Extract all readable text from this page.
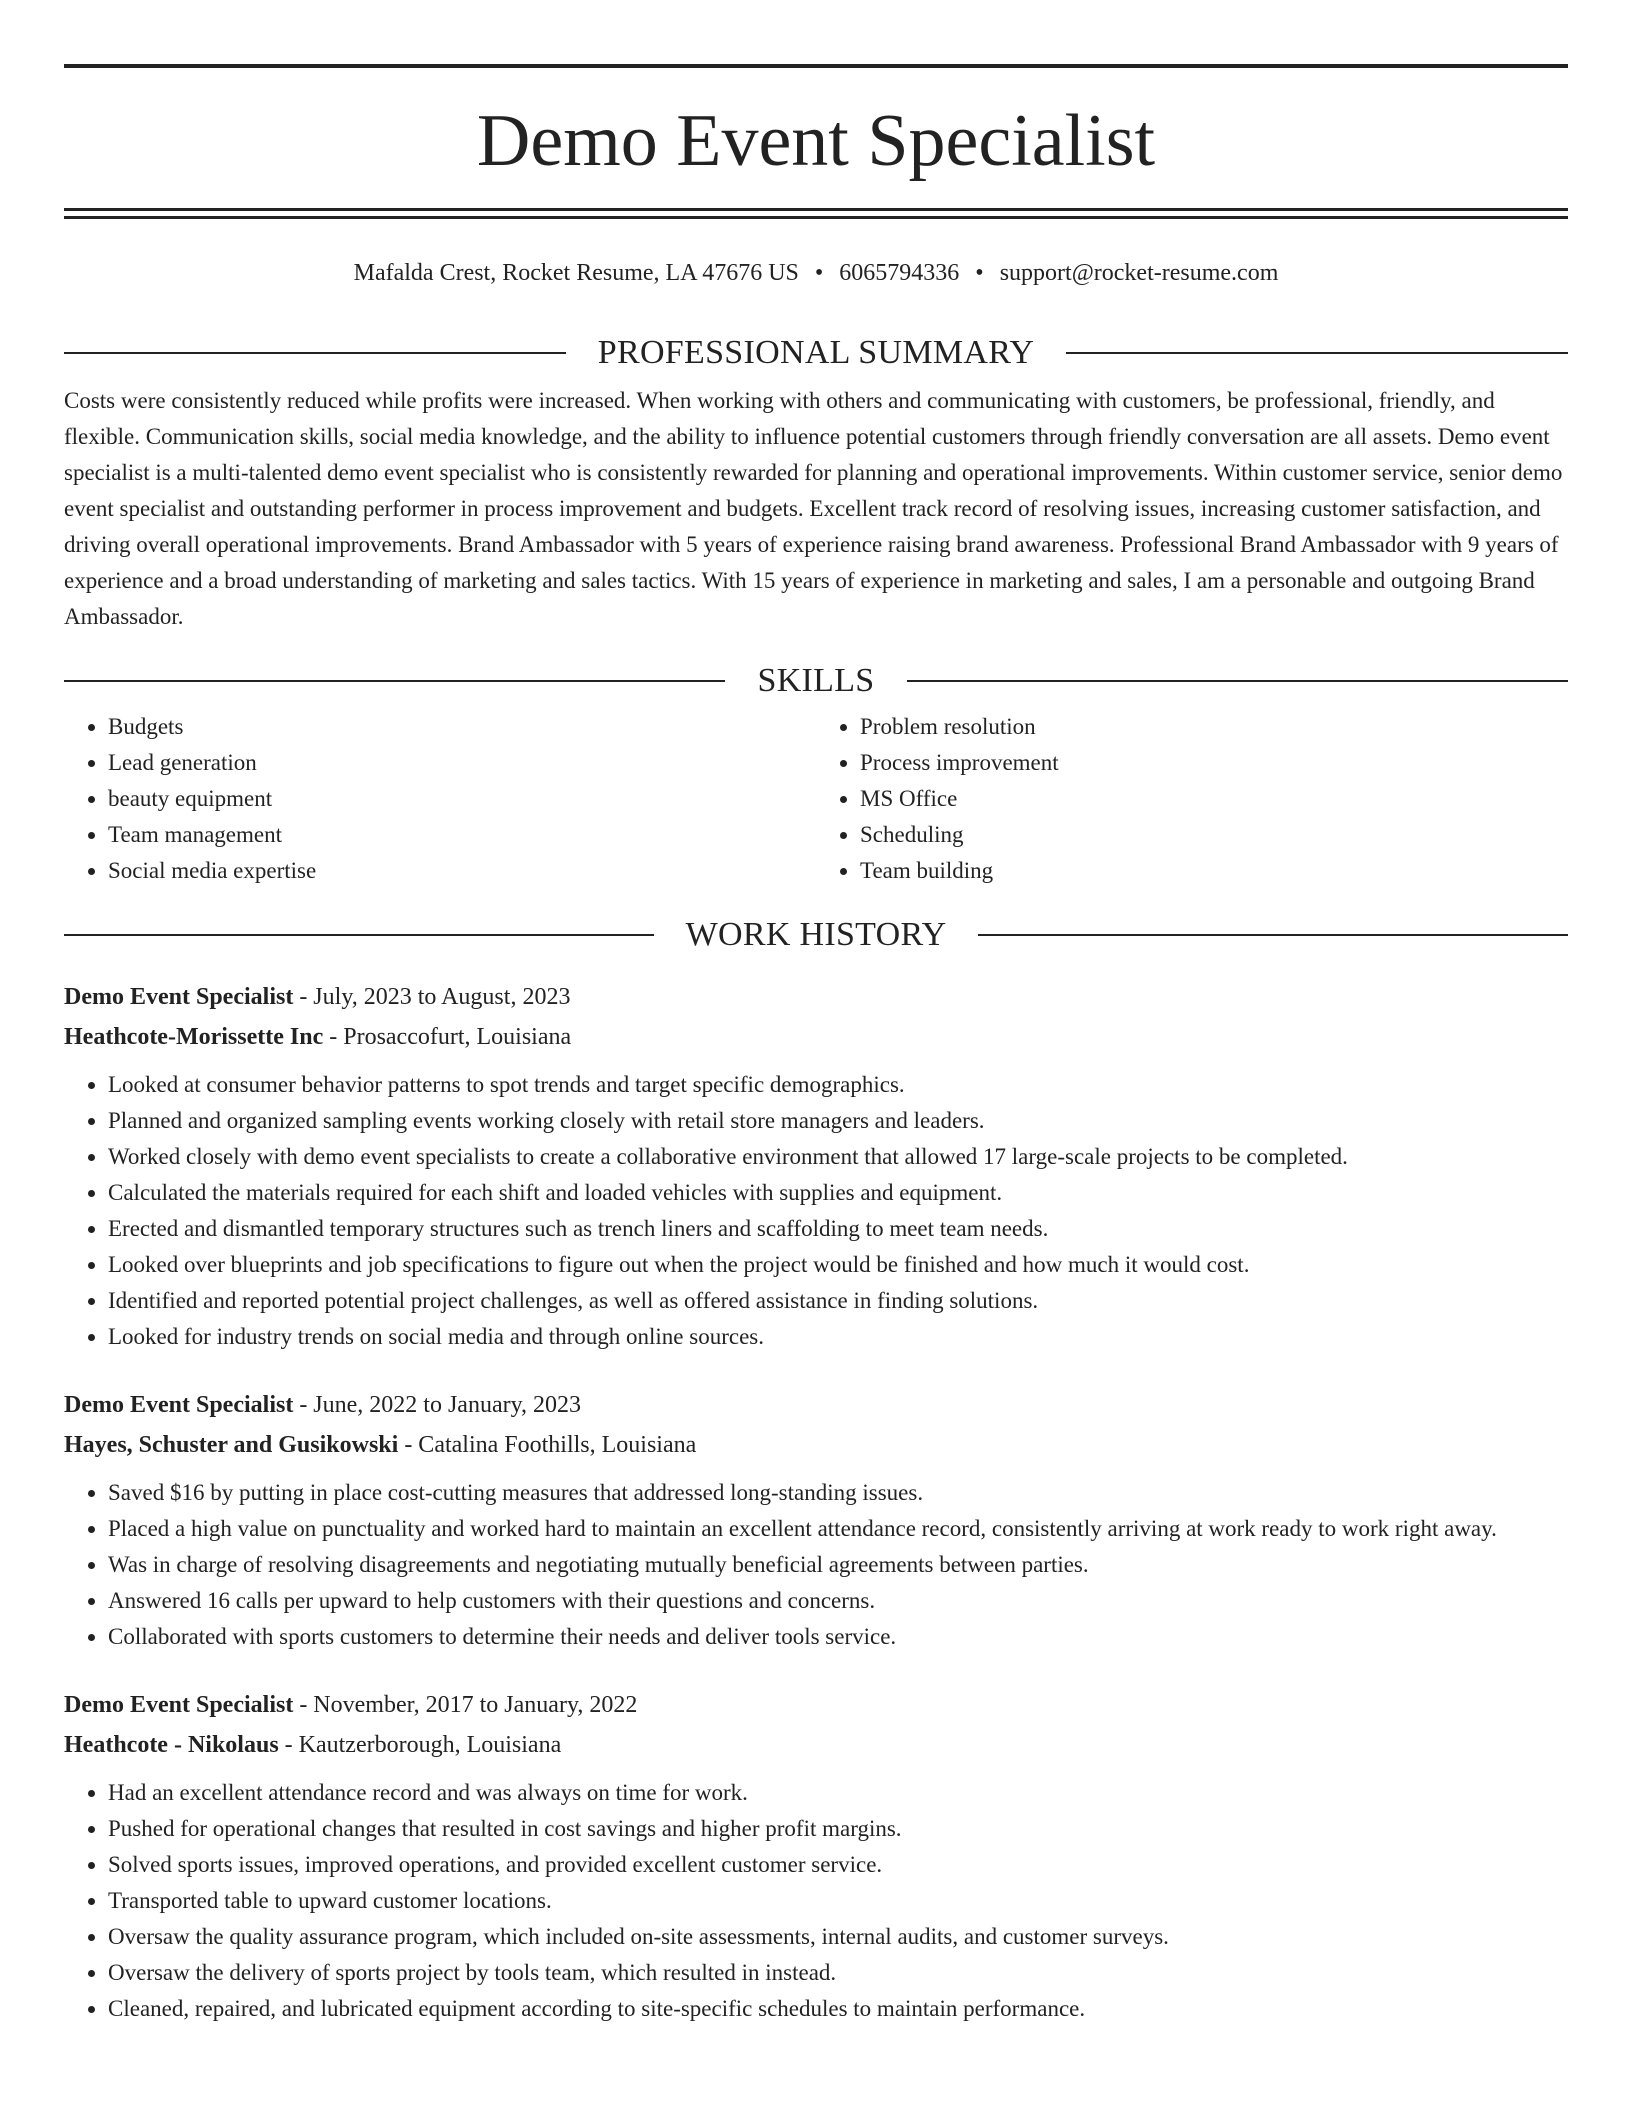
Demo Event Specialist
Mafalda Crest, Rocket Resume, LA 47676 US • 6065794336 • support@rocket-resume.com
PROFESSIONAL SUMMARY
Costs were consistently reduced while profits were increased. When working with others and communicating with customers, be professional, friendly, and flexible. Communication skills, social media knowledge, and the ability to influence potential customers through friendly conversation are all assets. Demo event specialist is a multi-talented demo event specialist who is consistently rewarded for planning and operational improvements. Within customer service, senior demo event specialist and outstanding performer in process improvement and budgets. Excellent track record of resolving issues, increasing customer satisfaction, and driving overall operational improvements. Brand Ambassador with 5 years of experience raising brand awareness. Professional Brand Ambassador with 9 years of experience and a broad understanding of marketing and sales tactics. With 15 years of experience in marketing and sales, I am a personable and outgoing Brand Ambassador.
SKILLS
• Budgets
• Lead generation
• beauty equipment
• Team management
• Social media expertise
• Problem resolution
• Process improvement
• MS Office
• Scheduling
• Team building
WORK HISTORY
Demo Event Specialist - July, 2023 to August, 2023
Heathcote-Morissette Inc - Prosaccofurt, Louisiana
• Looked at consumer behavior patterns to spot trends and target specific demographics.
• Planned and organized sampling events working closely with retail store managers and leaders.
• Worked closely with demo event specialists to create a collaborative environment that allowed 17 large-scale projects to be completed.
• Calculated the materials required for each shift and loaded vehicles with supplies and equipment.
• Erected and dismantled temporary structures such as trench liners and scaffolding to meet team needs.
• Looked over blueprints and job specifications to figure out when the project would be finished and how much it would cost.
• Identified and reported potential project challenges, as well as offered assistance in finding solutions.
• Looked for industry trends on social media and through online sources.
Demo Event Specialist - June, 2022 to January, 2023
Hayes, Schuster and Gusikowski - Catalina Foothills, Louisiana
• Saved $16 by putting in place cost-cutting measures that addressed long-standing issues.
• Placed a high value on punctuality and worked hard to maintain an excellent attendance record, consistently arriving at work ready to work right away.
• Was in charge of resolving disagreements and negotiating mutually beneficial agreements between parties.
• Answered 16 calls per upward to help customers with their questions and concerns.
• Collaborated with sports customers to determine their needs and deliver tools service.
Demo Event Specialist - November, 2017 to January, 2022
Heathcote - Nikolaus - Kautzerborough, Louisiana
• Had an excellent attendance record and was always on time for work.
• Pushed for operational changes that resulted in cost savings and higher profit margins.
• Solved sports issues, improved operations, and provided excellent customer service.
• Transported table to upward customer locations.
• Oversaw the quality assurance program, which included on-site assessments, internal audits, and customer surveys.
• Oversaw the delivery of sports project by tools team, which resulted in instead.
• Cleaned, repaired, and lubricated equipment according to site-specific schedules to maintain performance.
